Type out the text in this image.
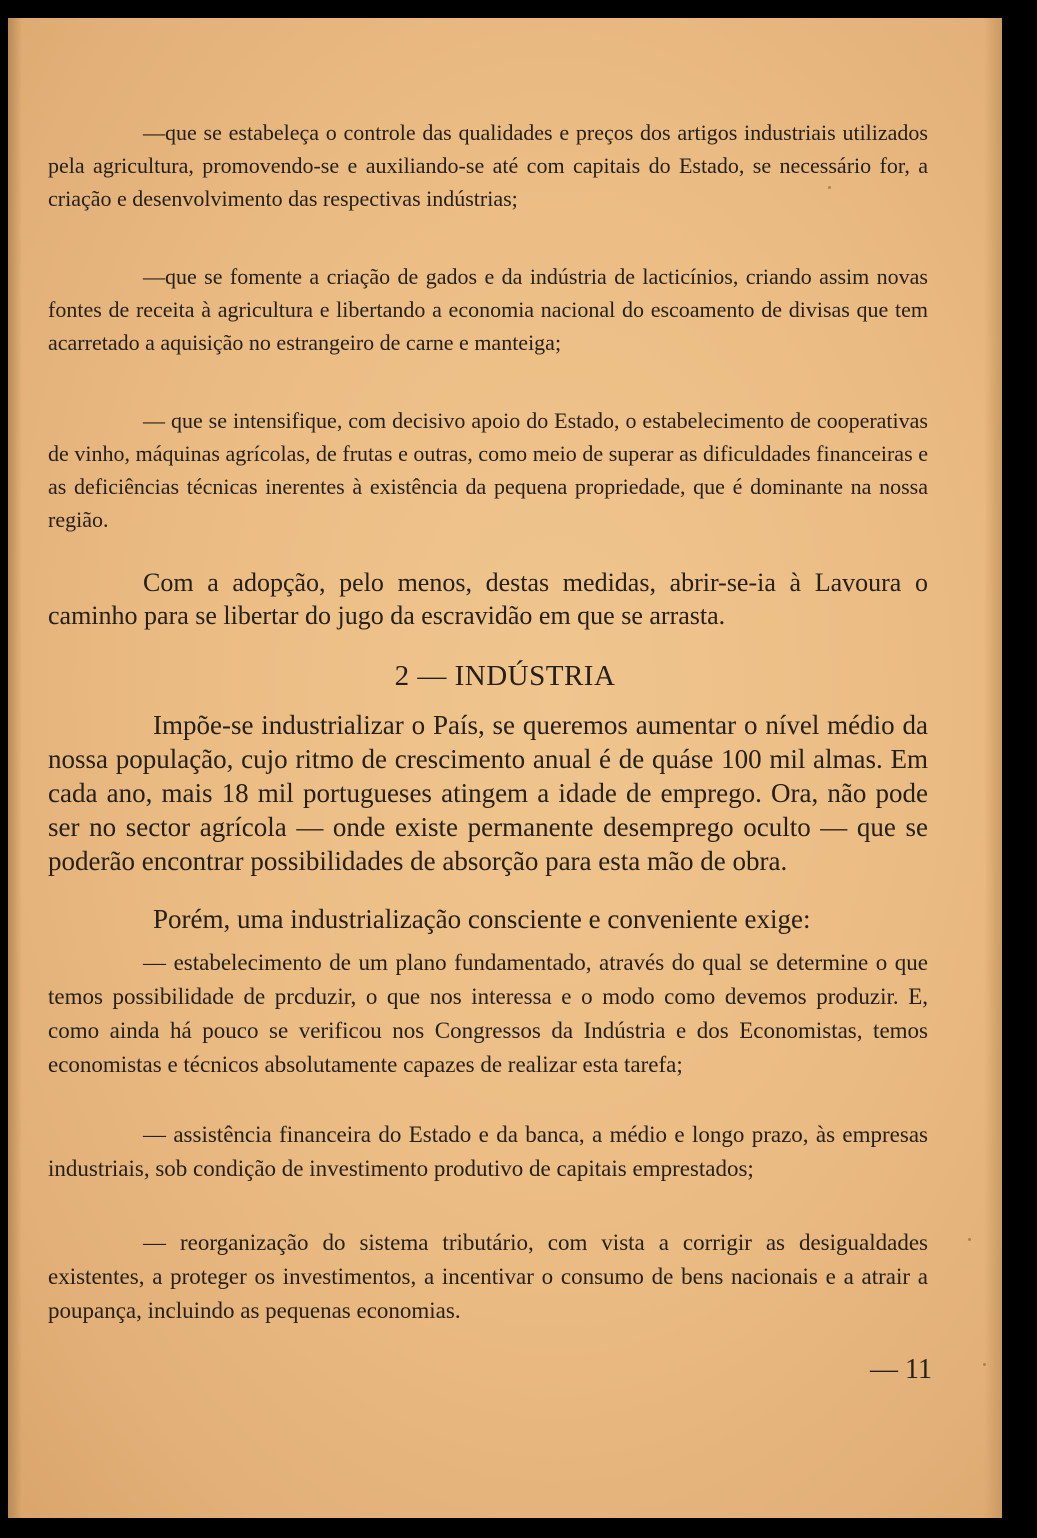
—que se estabeleça o controle das qualidades e preços dos artigos industriais utilizados pela agricultura, promovendo-se e auxiliando-se até com capitais do Estado, se necessário for, a criação e desenvolvimento das respectivas indústrias;
—que se fomente a criação de gados e da indústria de lacticínios, criando assim novas fontes de receita à agricultura e libertando a economia nacional do escoamento de divisas que tem acarretado a aquisição no estrangeiro de carne e manteiga;
— que se intensifique, com decisivo apoio do Estado, o estabelecimento de cooperativas de vinho, máquinas agrícolas, de frutas e outras, como meio de superar as dificuldades financeiras e as deficiências técnicas inerentes à existência da pequena propriedade, que é dominante na nossa região.
Com a adopção, pelo menos, destas medidas, abrir-se-ia à Lavoura o caminho para se libertar do jugo da escravidão em que se arrasta.
2 — INDÚSTRIA
Impõe-se industrializar o País, se queremos aumentar o nível médio da nossa população, cujo ritmo de crescimento anual é de quáse 100 mil almas. Em cada ano, mais 18 mil portugueses atingem a idade de emprego. Ora, não pode ser no sector agrícola — onde existe permanente desemprego oculto — que se poderão encontrar possibilidades de absorção para esta mão de obra.
Porém, uma industrialização consciente e conveniente exige:
— estabelecimento de um plano fundamentado, através do qual se determine o que temos possibilidade de prcduzir, o que nos interessa e o modo como devemos produzir. E, como ainda há pouco se verificou nos Congressos da Indústria e dos Economistas, temos economistas e técnicos absolutamente capazes de realizar esta tarefa;
— assistência financeira do Estado e da banca, a médio e longo prazo, às empresas industriais, sob condição de investimento produtivo de capitais emprestados;
— reorganização do sistema tributário, com vista a corrigir as desigualdades existentes, a proteger os investimentos, a incentivar o consumo de bens nacionais e a atrair a poupança, incluindo as pequenas economias.
— 11
